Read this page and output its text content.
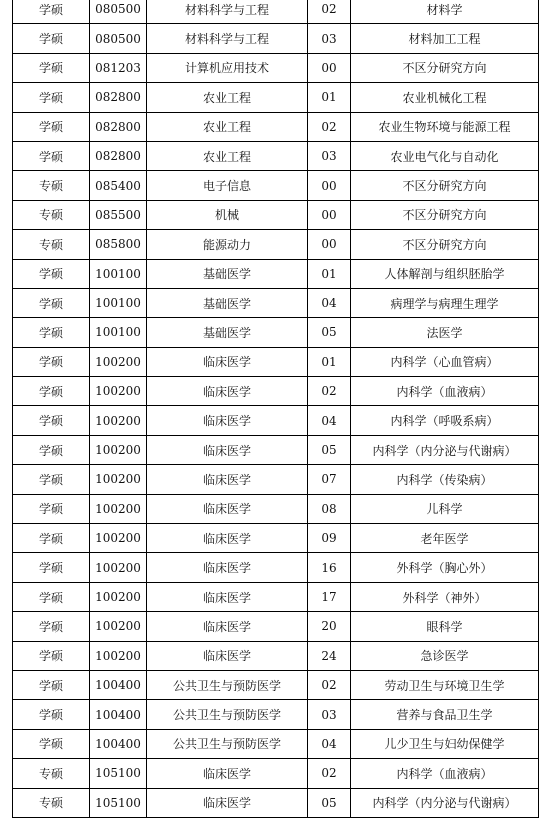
学硕	080500	材料科学与工程	02	材料学
学硕	080500	材料科学与工程	03	材料加工工程
学硕	081203	计算机应用技术	00	不区分研究方向
学硕	082800	农业工程	01	农业机械化工程
学硕	082800	农业工程	02	农业生物环境与能源工程
学硕	082800	农业工程	03	农业电气化与自动化
专硕	085400	电子信息	00	不区分研究方向
专硕	085500	机械	00	不区分研究方向
专硕	085800	能源动力	00	不区分研究方向
学硕	100100	基础医学	01	人体解剖与组织胚胎学
学硕	100100	基础医学	04	病理学与病理生理学
学硕	100100	基础医学	05	法医学
学硕	100200	临床医学	01	内科学（心血管病）
学硕	100200	临床医学	02	内科学（血液病）
学硕	100200	临床医学	04	内科学（呼吸系病）
学硕	100200	临床医学	05	内科学（内分泌与代谢病）
学硕	100200	临床医学	07	内科学（传染病）
学硕	100200	临床医学	08	儿科学
学硕	100200	临床医学	09	老年医学
学硕	100200	临床医学	16	外科学（胸心外）
学硕	100200	临床医学	17	外科学（神外）
学硕	100200	临床医学	20	眼科学
学硕	100200	临床医学	24	急诊医学
学硕	100400	公共卫生与预防医学	02	劳动卫生与环境卫生学
学硕	100400	公共卫生与预防医学	03	营养与食品卫生学
学硕	100400	公共卫生与预防医学	04	儿少卫生与妇幼保健学
专硕	105100	临床医学	02	内科学（血液病）
专硕	105100	临床医学	05	内科学（内分泌与代谢病）
